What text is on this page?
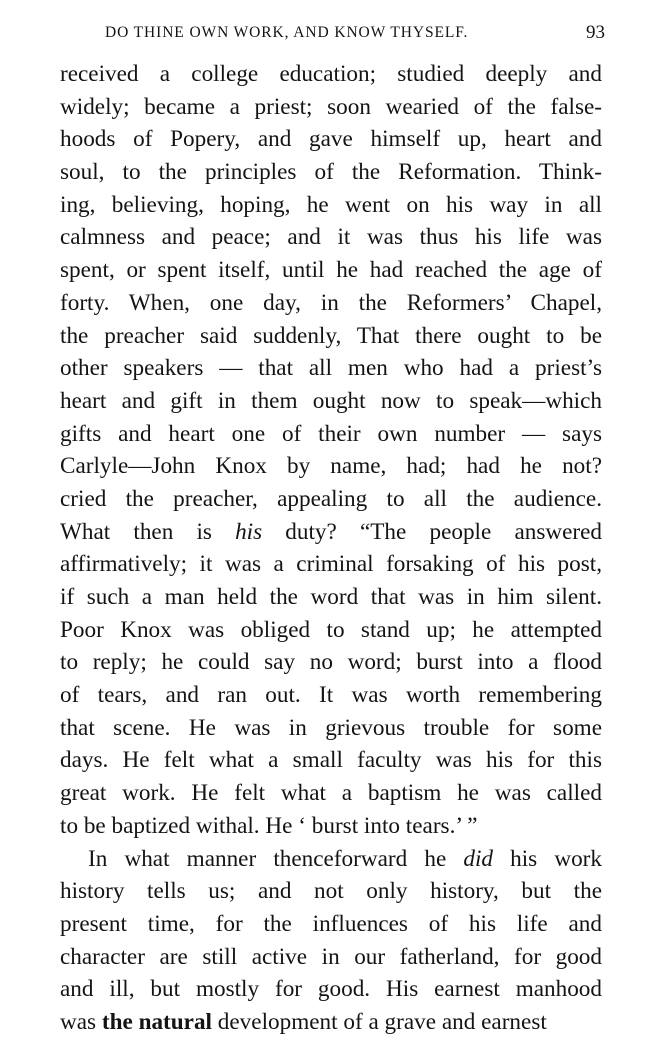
DO THINE OWN WORK, AND KNOW THYSELF.	93
received a college education; studied deeply and
widely; became a priest; soon wearied of the false-
hoods of Popery, and gave himself up, heart and
soul, to the principles of the Reformation. Think-
ing, believing, hoping, he went on his way in all
calmness and peace; and it was thus his life was
spent, or spent itself, until he had reached the age of
forty. When, one day, in the Reformers’ Chapel,
the preacher said suddenly, That there ought to be
other speakers — that all men who had a priest’s
heart and gift in them ought now to speak—which
gifts and heart one of their own number — says
Carlyle—John Knox by name, had; had he not?
cried the preacher, appealing to all the audience.
What then is his duty? “The people answered
affirmatively; it was a criminal forsaking of his post,
if such a man held the word that was in him silent.
Poor Knox was obliged to stand up; he attempted
to reply; he could say no word; burst into a flood
of tears, and ran out. It was worth remembering
that scene. He was in grievous trouble for some
days. He felt what a small faculty was his for this
great work. He felt what a baptism he was called
to be baptized withal. He ‘ burst into tears.’ ”
In what manner thenceforward he did his work
history tells us; and not only history, but the
present time, for the influences of his life and
character are still active in our fatherland, for good
and ill, but mostly for good. His earnest manhood
was the natural development of a grave and earnest
